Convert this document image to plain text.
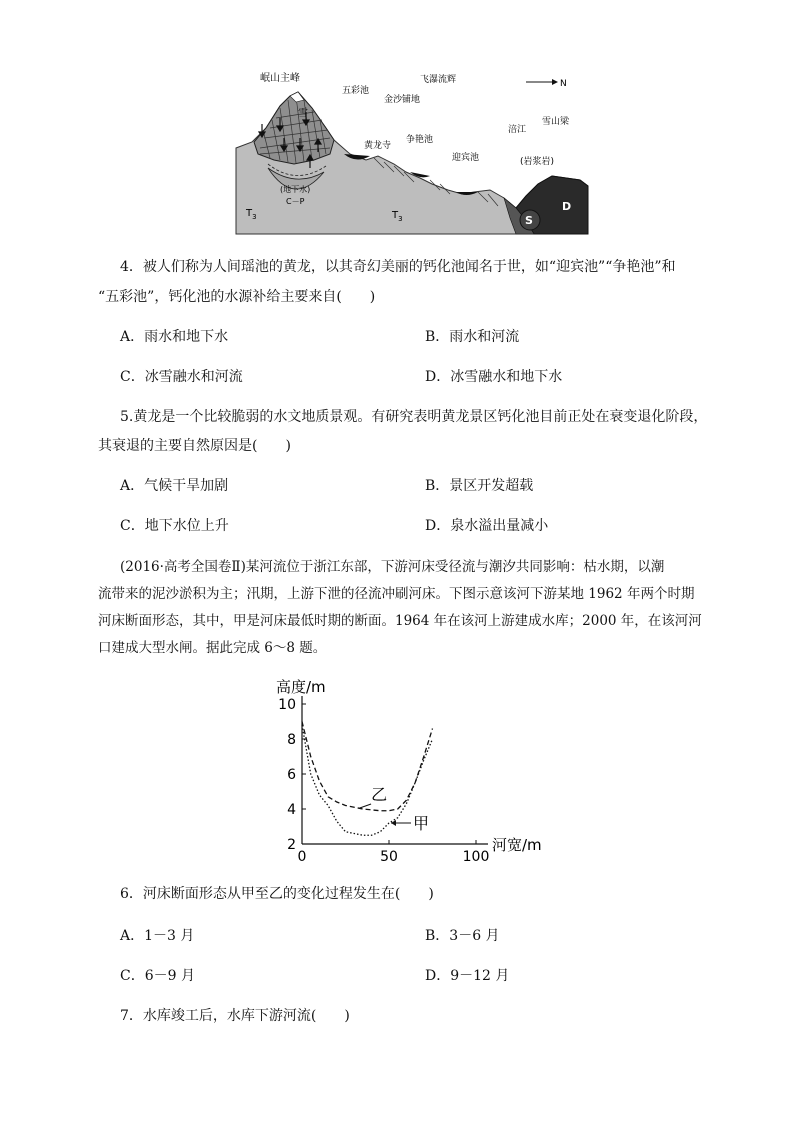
岷山主峰
雪
五彩池
金沙铺地
飞瀑流辉	N
黄龙寺
争艳池
迎宾池
涪江
雪山梁
(岩浆岩)
(地下水)
C－P
$T_3$	$T_3$	S
D
4．被人们称为人间瑶池的黄龙，以其奇幻美丽的钙化池闻名于世，如“迎宾池”“争艳池”和
“五彩池”，钙化池的水源补给主要来自(　　)
A．雨水和地下水	B．雨水和河流
C．冰雪融水和河流	D．冰雪融水和地下水
5.黄龙是一个比较脆弱的水文地质景观。有研究表明黄龙景区钙化池目前正处在衰变退化阶段，
其衰退的主要自然原因是(　　)
A．气候干旱加剧	B．景区开发超载
C．地下水位上升	D．泉水溢出量减小
(2016·高考全国卷Ⅱ)某河流位于浙江东部，下游河床受径流与潮汐共同影响：枯水期，以潮
流带来的泥沙淤积为主；汛期，上游下泄的径流冲刷河床。下图示意该河下游某地 1962 年两个时期
河床断面形态，其中，甲是河床最低时期的断面。1964 年在该河上游建成水库；2000 年，在该河河
口建成大型水闸。据此完成 6～8 题。
2
4
6
8
10
0	50	100
高度/m
河宽/m
甲
乙
6．河床断面形态从甲至乙的变化过程发生在(　　)
A．1－3 月	B．3－6 月
C．6－9 月	D．9－12 月
7．水库竣工后，水库下游河流(　　)
